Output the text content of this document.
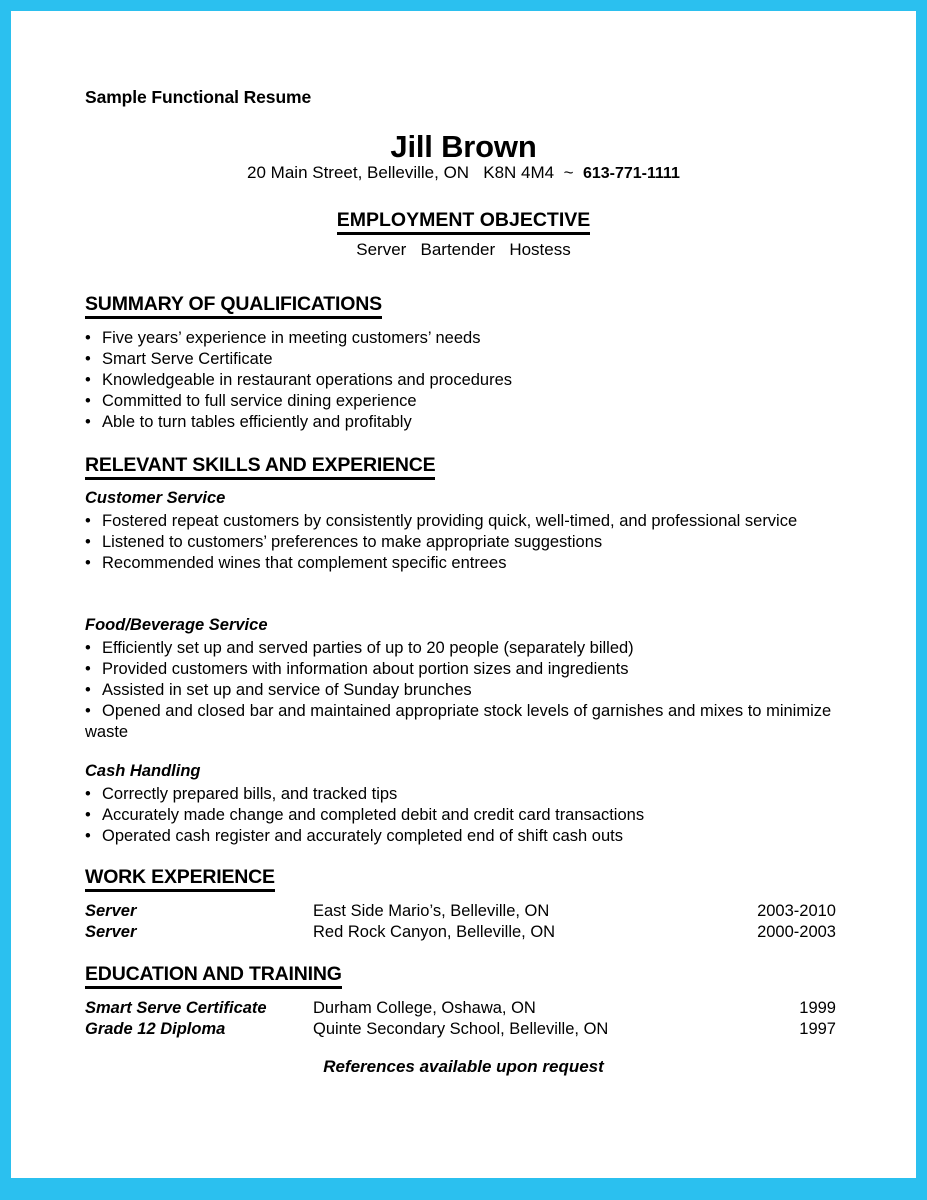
Sample Functional Resume
Jill Brown
20 Main Street, Belleville, ON   K8N 4M4  ~  613-771-1111
EMPLOYMENT OBJECTIVE
Server   Bartender   Hostess
SUMMARY OF QUALIFICATIONS
• Five years’ experience in meeting customers’ needs
• Smart Serve Certificate
• Knowledgeable in restaurant operations and procedures
• Committed to full service dining experience
• Able to turn tables efficiently and profitably
RELEVANT SKILLS AND EXPERIENCE
Customer Service
• Fostered repeat customers by consistently providing quick, well-timed, and professional service
• Listened to customers’ preferences to make appropriate suggestions
• Recommended wines that complement specific entrees
Food/Beverage Service
• Efficiently set up and served parties of up to 20 people (separately billed)
• Provided customers with information about portion sizes and ingredients
• Assisted in set up and service of Sunday brunches
• Opened and closed bar and maintained appropriate stock levels of garnishes and mixes to minimize waste
Cash Handling
• Correctly prepared bills, and tracked tips
• Accurately made change and completed debit and credit card transactions
• Operated cash register and accurately completed end of shift cash outs
WORK EXPERIENCE
Server	East Side Mario’s, Belleville, ON	2003-2010
Server	Red Rock Canyon, Belleville, ON	2000-2003
EDUCATION AND TRAINING
Smart Serve Certificate	Durham College, Oshawa, ON	1999
Grade 12 Diploma	Quinte Secondary School, Belleville, ON	1997
References available upon request
